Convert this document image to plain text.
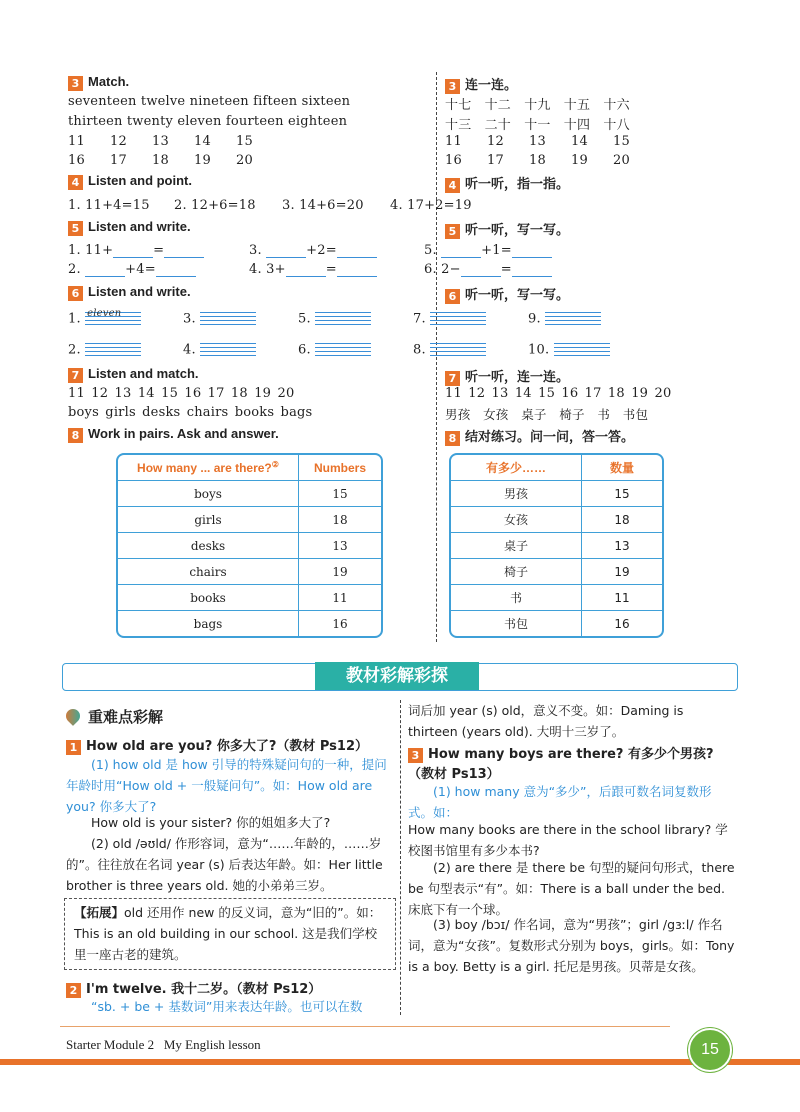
3 Match.
seventeen twelve nineteen fifteen sixteen
thirteen twenty eleven fourteen eighteen
11 12 13 14 15
16 17 18 19 20
4 Listen and point.
1. 11+4=15 2. 12+6=18 3. 14+6=20 4. 17+2=19
5 Listen and write.
1. 11+	=	3.	+2=	5.	+1=
2.	+4=	4. 3+	=	6. 2−	=
6 Listen and write.
1. eleven	3.	5.	7.	9.
2.	4.	6.	8.	10.
7 Listen and match.
11 12 13 14 15 16 17 18 19 20
boys girls desks chairs books bags
8 Work in pairs. Ask and answer.
How many ... are there?②	Numbers
boys	15
girls	18
desks	13
chairs	19
books	11
bags	16
3 连一连。
十七　十二　十九　十五　十六
十三　二十　十一　十四　十八
11 12 13 14 15
16 17 18 19 20
4 听一听，指一指。
5 听一听，写一写。
6 听一听，写一写。
7 听一听，连一连。
11 12 13 14 15 16 17 18 19 20
男孩　女孩　桌子　椅子　书　书包
8 结对练习。问一问，答一答。
有多少……	数量
男孩	15
女孩	18
桌子	13
椅子	19
书	11
书包	16
教材彩解彩探
重难点彩解
1 How old are you? 你多大了?（教材 Ps12）
(1) how old 是 how 引导的特殊疑问句的一种，提问年龄时用“How old + 一般疑问句”。如：How old are you? 你多大了?
How old is your sister? 你的姐姐多大了?
(2) old /əʊld/ 作形容词，意为“……年龄的，……岁的”。往往放在名词 year (s) 后表达年龄。如：Her little brother is three years old. 她的小弟弟三岁。
【拓展】old 还用作 new 的反义词，意为“旧的”。如：This is an old building in our school. 这是我们学校里一座古老的建筑。
2 I'm twelve. 我十二岁。（教材 Ps12）
“sb. + be + 基数词”用来表达年龄。也可以在数
词后加 year (s) old，意义不变。如：Daming is thirteen (years old). 大明十三岁了。
3 How many boys are there? 有多少个男孩?（教材 Ps13）
(1) how many 意为“多少”，后跟可数名词复数形式。如：
How many books are there in the school library? 学校图书馆里有多少本书?
(2) are there 是 there be 句型的疑问句形式，there be 句型表示“有”。如：There is a ball under the bed. 床底下有一个球。
(3) boy /bɔɪ/ 作名词，意为“男孩”；girl /gɜːl/ 作名词，意为“女孩”。复数形式分别为 boys，girls。如：Tony is a boy. Betty is a girl. 托尼是男孩。贝蒂是女孩。
Starter Module 2 My English lesson	15
